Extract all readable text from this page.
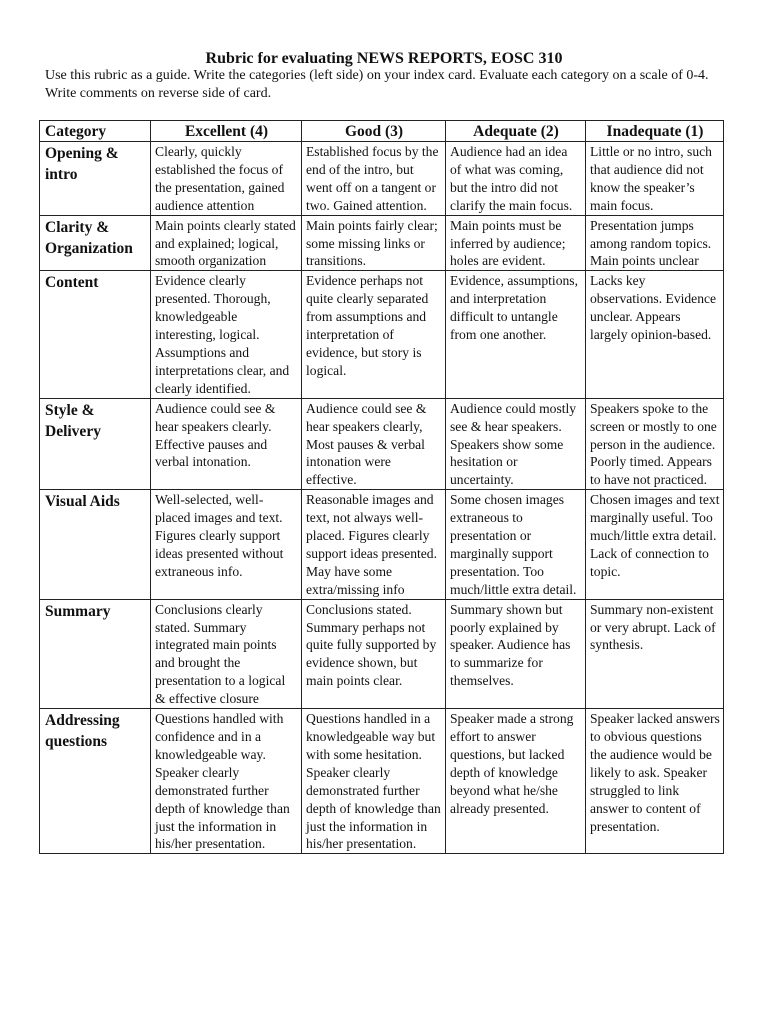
Rubric for evaluating NEWS REPORTS, EOSC 310
Use this rubric as a guide. Write the categories (left side) on your index card. Evaluate each category on a scale of 0-4. Write comments on reverse side of card.
Category	Excellent (4)	Good (3)	Adequate (2)	Inadequate (1)
Opening & intro	Clearly, quickly established the focus of the presentation, gained audience attention	Established focus by the end of the intro, but went off on a tangent or two. Gained attention.	Audience had an idea of what was coming, but the intro did not clarify the main focus.	Little or no intro, such that audience did not know the speaker’s main focus.
Clarity & Organization	Main points clearly stated and explained; logical, smooth organization	Main points fairly clear; some missing links or transitions.	Main points must be inferred by audience; holes are evident.	Presentation jumps among random topics. Main points unclear
Content	Evidence clearly presented. Thorough, knowledgeable interesting, logical. Assumptions and interpretations clear, and clearly identified.	Evidence perhaps not quite clearly separated from assumptions and interpretation of evidence, but story is logical.	Evidence, assumptions, and interpretation difficult to untangle from one another.	Lacks key observations. Evidence unclear. Appears largely opinion-based.
Style & Delivery	Audience could see & hear speakers clearly. Effective pauses and verbal intonation.	Audience could see & hear speakers clearly, Most pauses & verbal intonation were effective.	Audience could mostly see & hear speakers. Speakers show some hesitation or uncertainty.	Speakers spoke to the screen or mostly to one person in the audience. Poorly timed. Appears to have not practiced.
Visual Aids	Well-selected, well-placed images and text. Figures clearly support ideas presented without extraneous info.	Reasonable images and text, not always well-placed. Figures clearly support ideas presented. May have some extra/missing info	Some chosen images extraneous to presentation or marginally support presentation. Too much/little extra detail.	Chosen images and text marginally useful. Too much/little extra detail. Lack of connection to topic.
Summary	Conclusions clearly stated. Summary integrated main points and brought the presentation to a logical & effective closure	Conclusions stated. Summary perhaps not quite fully supported by evidence shown, but main points clear.	Summary shown but poorly explained by speaker. Audience has to summarize for themselves.	Summary non-existent or very abrupt. Lack of synthesis.
Addressing questions	Questions handled with confidence and in a knowledgeable way. Speaker clearly demonstrated further depth of knowledge than just the information in his/her presentation.	Questions handled in a knowledgeable way but with some hesitation. Speaker clearly demonstrated further depth of knowledge than just the information in his/her presentation.	Speaker made a strong effort to answer questions, but lacked depth of knowledge beyond what he/she already presented.	Speaker lacked answers to obvious questions the audience would be likely to ask. Speaker struggled to link answer to content of presentation.
